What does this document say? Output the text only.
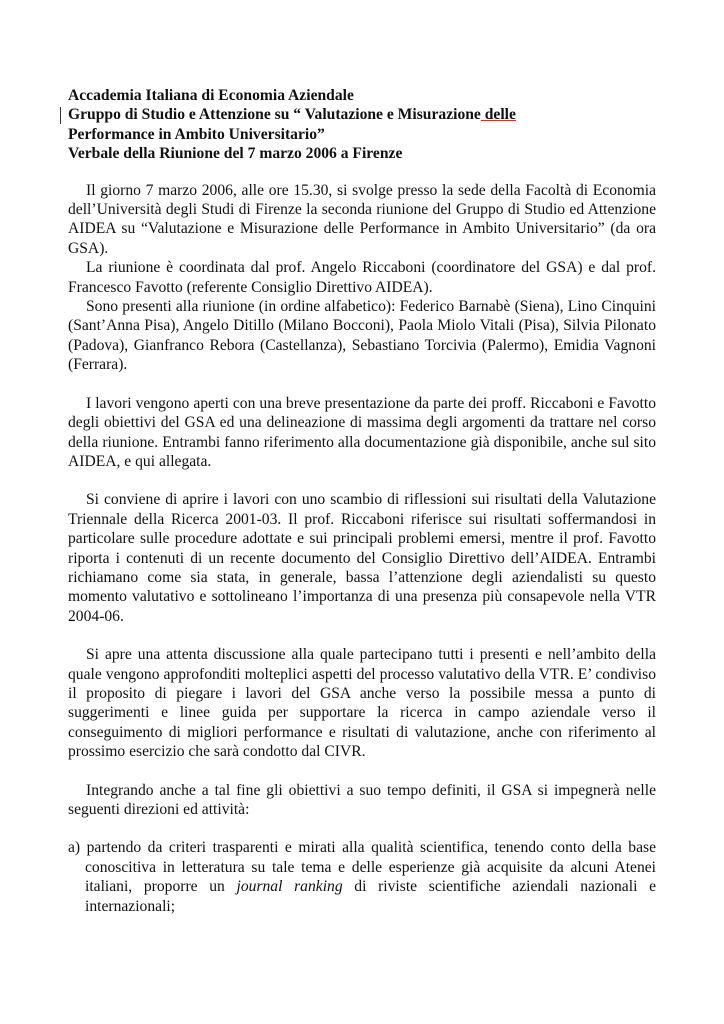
Accademia Italiana di Economia Aziendale
Gruppo di Studio e Attenzione su “ Valutazione e Misurazione delle
Performance in Ambito Universitario”
Verbale della Riunione del 7 marzo 2006 a Firenze

Il giorno 7 marzo 2006, alle ore 15.30, si svolge presso la sede della Facoltà di Economia dell’Università degli Studi di Firenze la seconda riunione del Gruppo di Studio ed Attenzione AIDEA su “Valutazione e Misurazione delle Performance in Ambito Universitario” (da ora GSA).

La riunione è coordinata dal prof. Angelo Riccaboni (coordinatore del GSA) e dal prof. Francesco Favotto (referente Consiglio Direttivo AIDEA).

Sono presenti alla riunione (in ordine alfabetico): Federico Barnabè (Siena), Lino Cinquini (Sant’Anna Pisa), Angelo Ditillo (Milano Bocconi), Paola Miolo Vitali (Pisa), Silvia Pilonato (Padova), Gianfranco Rebora (Castellanza), Sebastiano Torcivia (Palermo), Emidia Vagnoni (Ferrara).

I lavori vengono aperti con una breve presentazione da parte dei proff. Riccaboni e Favotto degli obiettivi del GSA ed una delineazione di massima degli argomenti da trattare nel corso della riunione. Entrambi fanno riferimento alla documentazione già disponibile, anche sul sito AIDEA, e qui allegata.

Si conviene di aprire i lavori con uno scambio di riflessioni sui risultati della Valutazione Triennale della Ricerca 2001-03. Il prof. Riccaboni riferisce sui risultati soffermandosi in particolare sulle procedure adottate e sui principali problemi emersi, mentre il prof. Favotto riporta i contenuti di un recente documento del Consiglio Direttivo dell’AIDEA. Entrambi richiamano come sia stata, in generale, bassa l’attenzione degli aziendalisti su questo momento valutativo e sottolineano l’importanza di una presenza più consapevole nella VTR 2004-06.

Si apre una attenta discussione alla quale partecipano tutti i presenti e nell’ambito della quale vengono approfonditi molteplici aspetti del processo valutativo della VTR. E’ condiviso il proposito di piegare i lavori del GSA anche verso la possibile messa a punto di suggerimenti e linee guida per supportare la ricerca in campo aziendale verso il conseguimento di migliori performance e risultati di valutazione, anche con riferimento al prossimo esercizio che sarà condotto dal CIVR.

Integrando anche a tal fine gli obiettivi a suo tempo definiti, il GSA si impegnerà nelle seguenti direzioni ed attività:

a) partendo da criteri trasparenti e mirati alla qualità scientifica, tenendo conto della base conoscitiva in letteratura su tale tema e delle esperienze già acquisite da alcuni Atenei italiani, proporre un journal ranking di riviste scientifiche aziendali nazionali e internazionali;
